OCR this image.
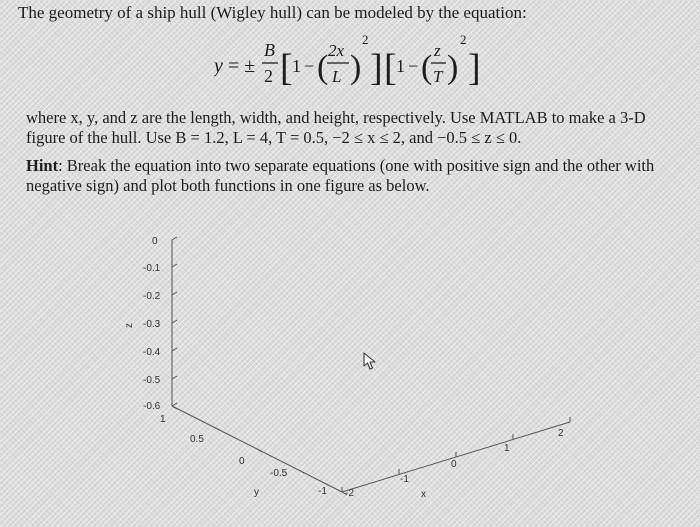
The geometry of a ship hull (Wigley hull) can be modeled by the equation:

y = ±
B
2 [ 1 − ( 2x
L )
2
] [ 1 − ( z
T )
2
]
where x, y, and z are the length, width, and height, respectively. Use MATLAB to make a 3-D
figure of the hull. Use B = 1.2, L = 4, T = 0.5, −2 ≤ x ≤ 2, and −0.5 ≤ z ≤ 0.
Hint: Break the equation into two separate equations (one with positive sign and the other with
negative sign) and plot both functions in one figure as below.
0
-0.1
-0.2
-0.3
-0.4
-0.5
-0.6
1
0.5
0
-0.5
-1 -2
-1
0
1
2
z
y	x
